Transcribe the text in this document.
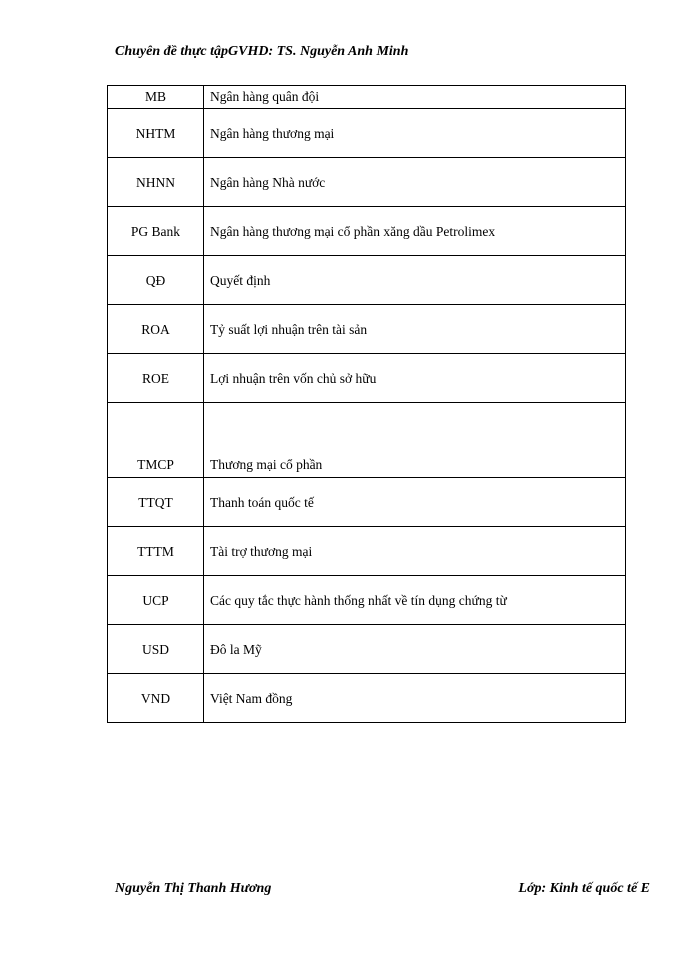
Chuyên đề thực tậpGVHD: TS. Nguyễn Anh Minh
MB	Ngân hàng quân đội
NHTM	Ngân hàng thương mại
NHNN	Ngân hàng Nhà nước
PG Bank	Ngân hàng thương mại cổ phần xăng dầu Petrolimex
QĐ	Quyết định
ROA	Tỷ suất lợi nhuận trên tài sản
ROE	Lợi nhuận trên vốn chủ sở hữu
TMCP	Thương mại cổ phần
TTQT	Thanh toán quốc tế
TTTM	Tài trợ thương mại
UCP	Các quy tắc thực hành thống nhất về tín dụng chứng từ
USD	Đô la Mỹ
VND	Việt Nam đồng
Nguyễn Thị Thanh Hương	Lớp: Kinh tế quốc tế E
